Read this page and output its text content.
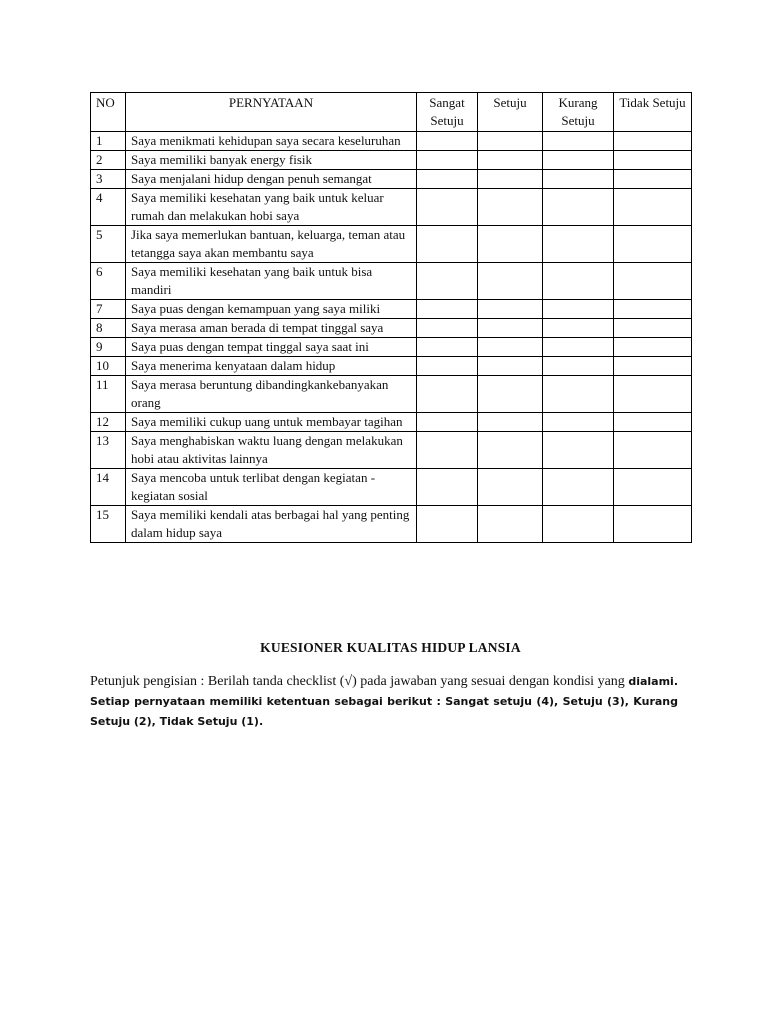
NO	PERNYATAAN	Sangat Setuju	Setuju	Kurang Setuju	Tidak Setuju
1	Saya menikmati kehidupan saya secara keseluruhan				
2	Saya memiliki banyak energy fisik				
3	Saya menjalani hidup dengan penuh semangat				
4	Saya memiliki kesehatan yang baik untuk keluar rumah dan melakukan hobi saya				
5	Jika saya memerlukan bantuan, keluarga, teman atau tetangga saya akan membantu saya				
6	Saya memiliki kesehatan yang baik untuk bisa mandiri				
7	Saya puas dengan kemampuan yang saya miliki				
8	Saya merasa aman berada di tempat tinggal saya				
9	Saya puas dengan tempat tinggal saya saat ini				
10	Saya menerima kenyataan dalam hidup				
11	Saya merasa beruntung dibandingkankebanyakan orang				
12	Saya memiliki cukup uang untuk membayar tagihan				
13	Saya menghabiskan waktu luang dengan melakukan hobi atau aktivitas lainnya				
14	Saya mencoba untuk terlibat dengan kegiatan - kegiatan sosial				
15	Saya memiliki kendali atas berbagai hal yang penting dalam hidup saya				
KUESIONER KUALITAS HIDUP LANSIA
Petunjuk pengisian : Berilah tanda checklist (√) pada jawaban yang sesuai dengan kondisi yang dialami. Setiap pernyataan memiliki ketentuan sebagai berikut : Sangat setuju (4), Setuju (3), Kurang Setuju (2), Tidak Setuju (1).
